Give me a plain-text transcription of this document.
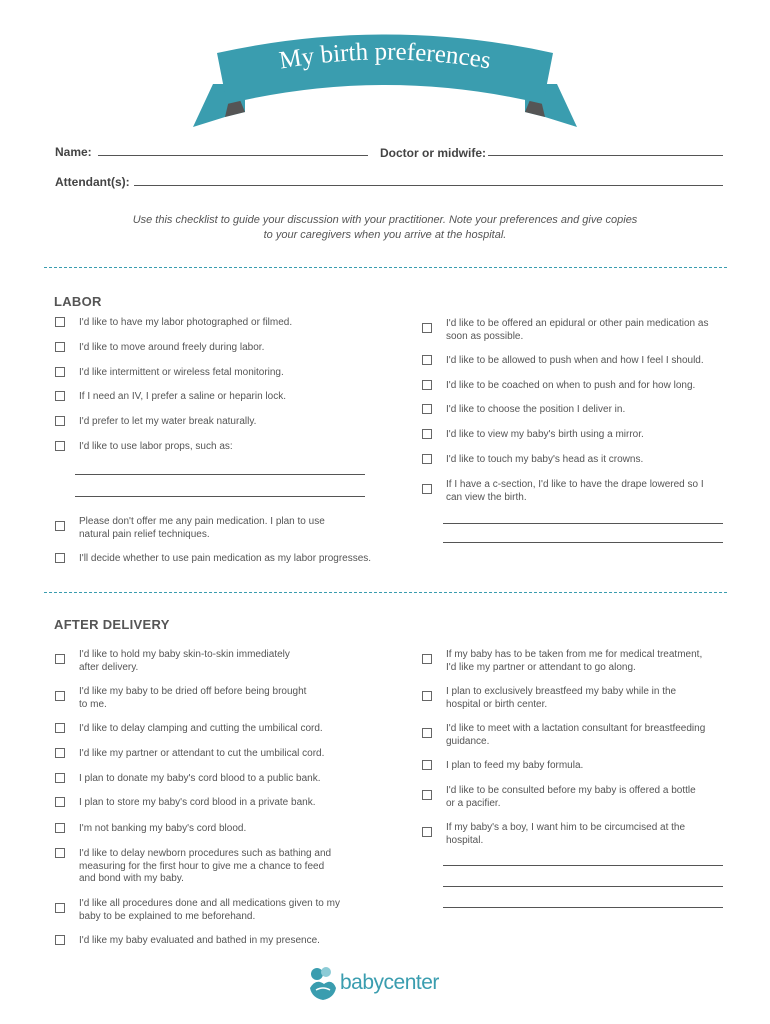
My birth preferences
Name:	Doctor or midwife:
Attendant(s):
Use this checklist to guide your discussion with your practitioner. Note your preferences and give copies
to your caregivers when you arrive at the hospital.
LABOR
I'd like to have my labor photographed or filmed.
I'd like to move around freely during labor.
I'd like intermittent or wireless fetal monitoring.
If I need an IV, I prefer a saline or heparin lock.
I'd prefer to let my water break naturally.
I'd like to use labor props, such as:
Please don't offer me any pain medication. I plan to use
natural pain relief techniques.
I'll decide whether to use pain medication as my labor progresses.
I'd like to be offered an epidural or other pain medication as
soon as possible.
I'd like to be allowed to push when and how I feel I should.
I'd like to be coached on when to push and for how long.
I'd like to choose the position I deliver in.
I'd like to view my baby's birth using a mirror.
I'd like to touch my baby's head as it crowns.
If I have a c-section, I'd like to have the drape lowered so I
can view the birth.
AFTER DELIVERY
I'd like to hold my baby skin-to-skin immediately
after delivery.
I'd like my baby to be dried off before being brought
to me.
I'd like to delay clamping and cutting the umbilical cord.
I'd like my partner or attendant to cut the umbilical cord.
I plan to donate my baby's cord blood to a public bank.
I plan to store my baby's cord blood in a private bank.
I'm not banking my baby's cord blood.
I'd like to delay newborn procedures such as bathing and
measuring for the first hour to give me a chance to feed
and bond with my baby.
I'd like all procedures done and all medications given to my
baby to be explained to me beforehand.
I'd like my baby evaluated and bathed in my presence.
If my baby has to be taken from me for medical treatment,
I'd like my partner or attendant to go along.
I plan to exclusively breastfeed my baby while in the
hospital or birth center.
I'd like to meet with a lactation consultant for breastfeeding
guidance.
I plan to feed my baby formula.
I'd like to be consulted before my baby is offered a bottle
or a pacifier.
If my baby's a boy, I want him to be circumcised at the
hospital.
babycenter
